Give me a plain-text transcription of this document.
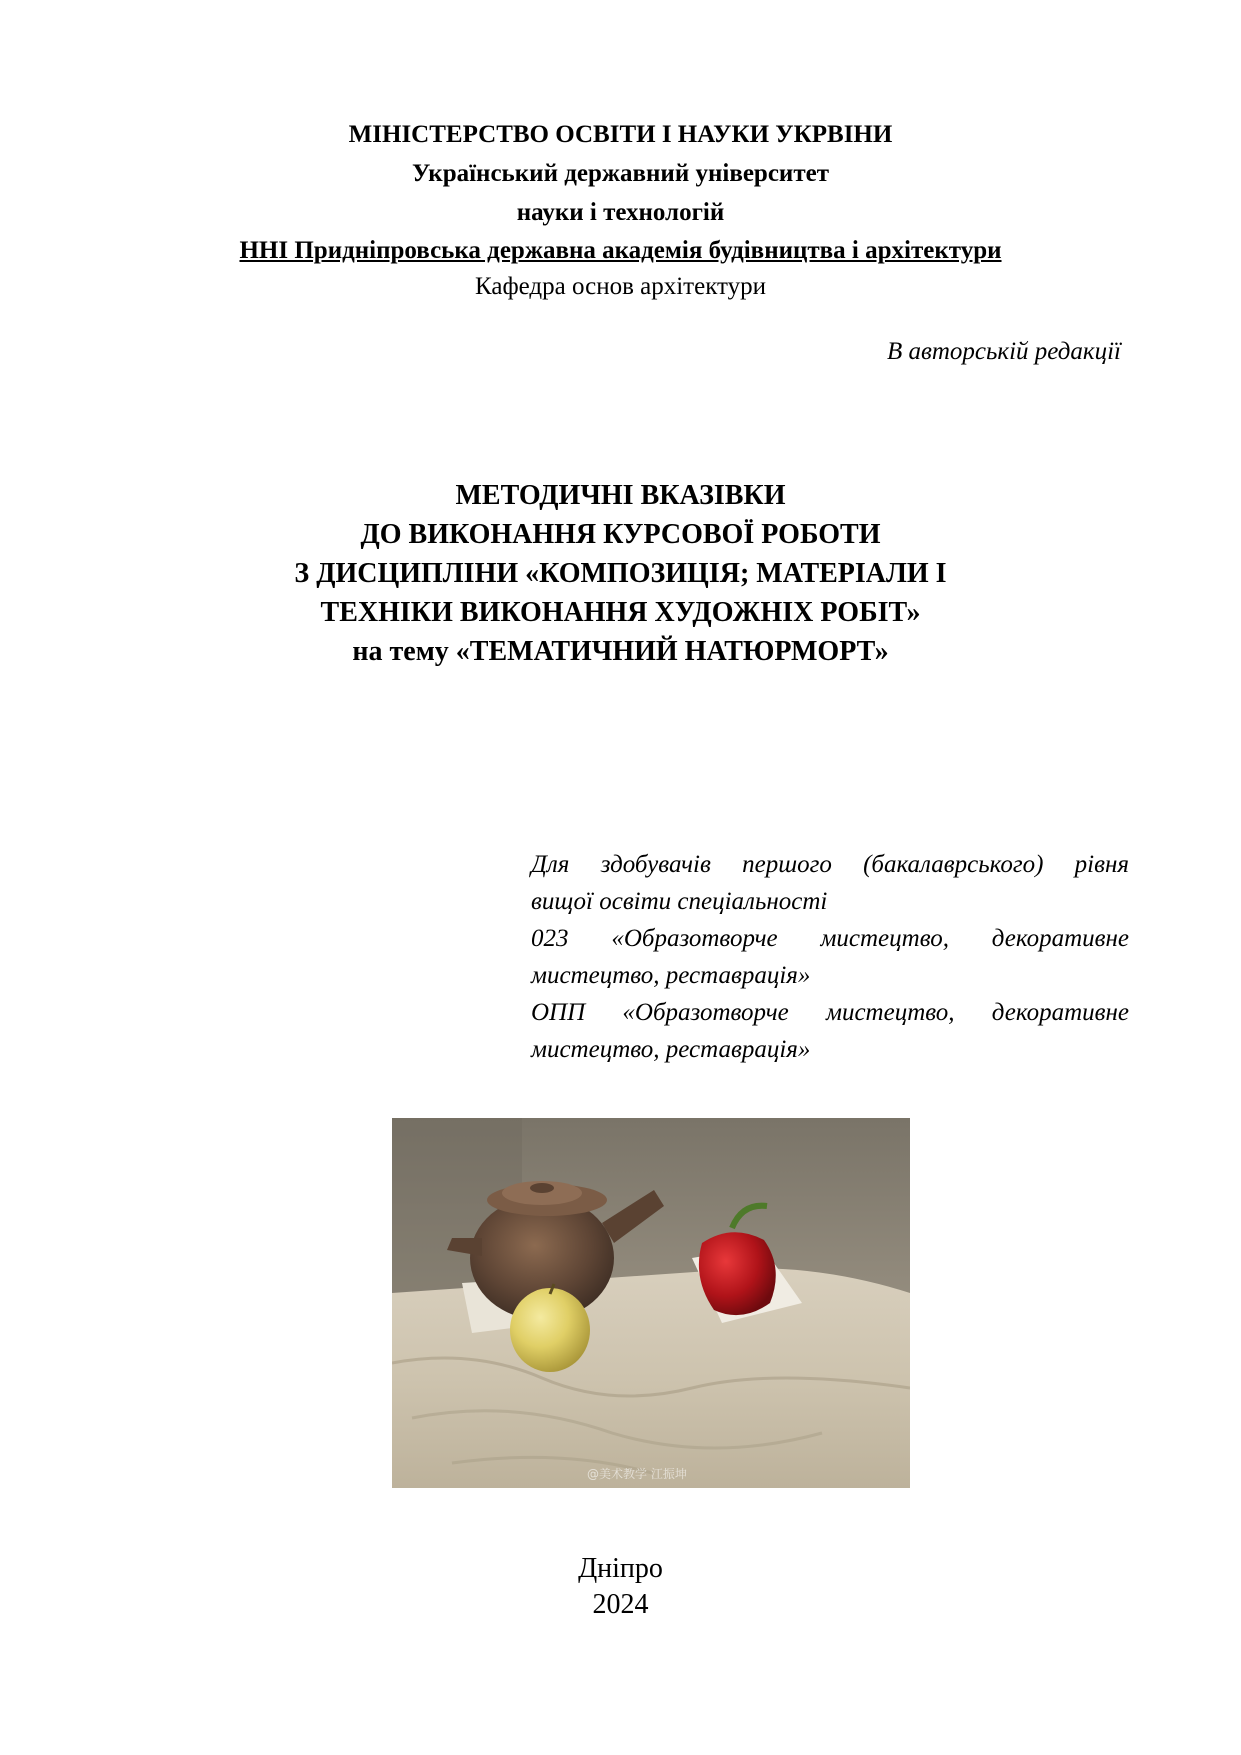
МІНІСТЕРСТВО ОСВІТИ І НАУКИ УКРВІНИ
Український державний університет
науки і технологій
ННІ Придніпровська державна академія будівництва і архітектури
Кафедра основ архітектури
В авторській редакції
МЕТОДИЧНІ ВКАЗІВКИ
ДО ВИКОНАННЯ КУРСОВОЇ РОБОТИ
З ДИСЦИПЛІНИ «КОМПОЗИЦІЯ; МАТЕРІАЛИ І
ТЕХНІКИ ВИКОНАННЯ ХУДОЖНІХ РОБІТ»
на тему «ТЕМАТИЧНИЙ НАТЮРМОРТ»

Для здобувачів першого (бакалаврського) рівня

вищої освіти спеціальності

023 «Образотворче мистецтво, декоративне

мистецтво, реставрація»

ОПП «Образотворче мистецтво, декоративне

мистецтво, реставрація»

@美术教学 江振坤
Дніпро
2024
